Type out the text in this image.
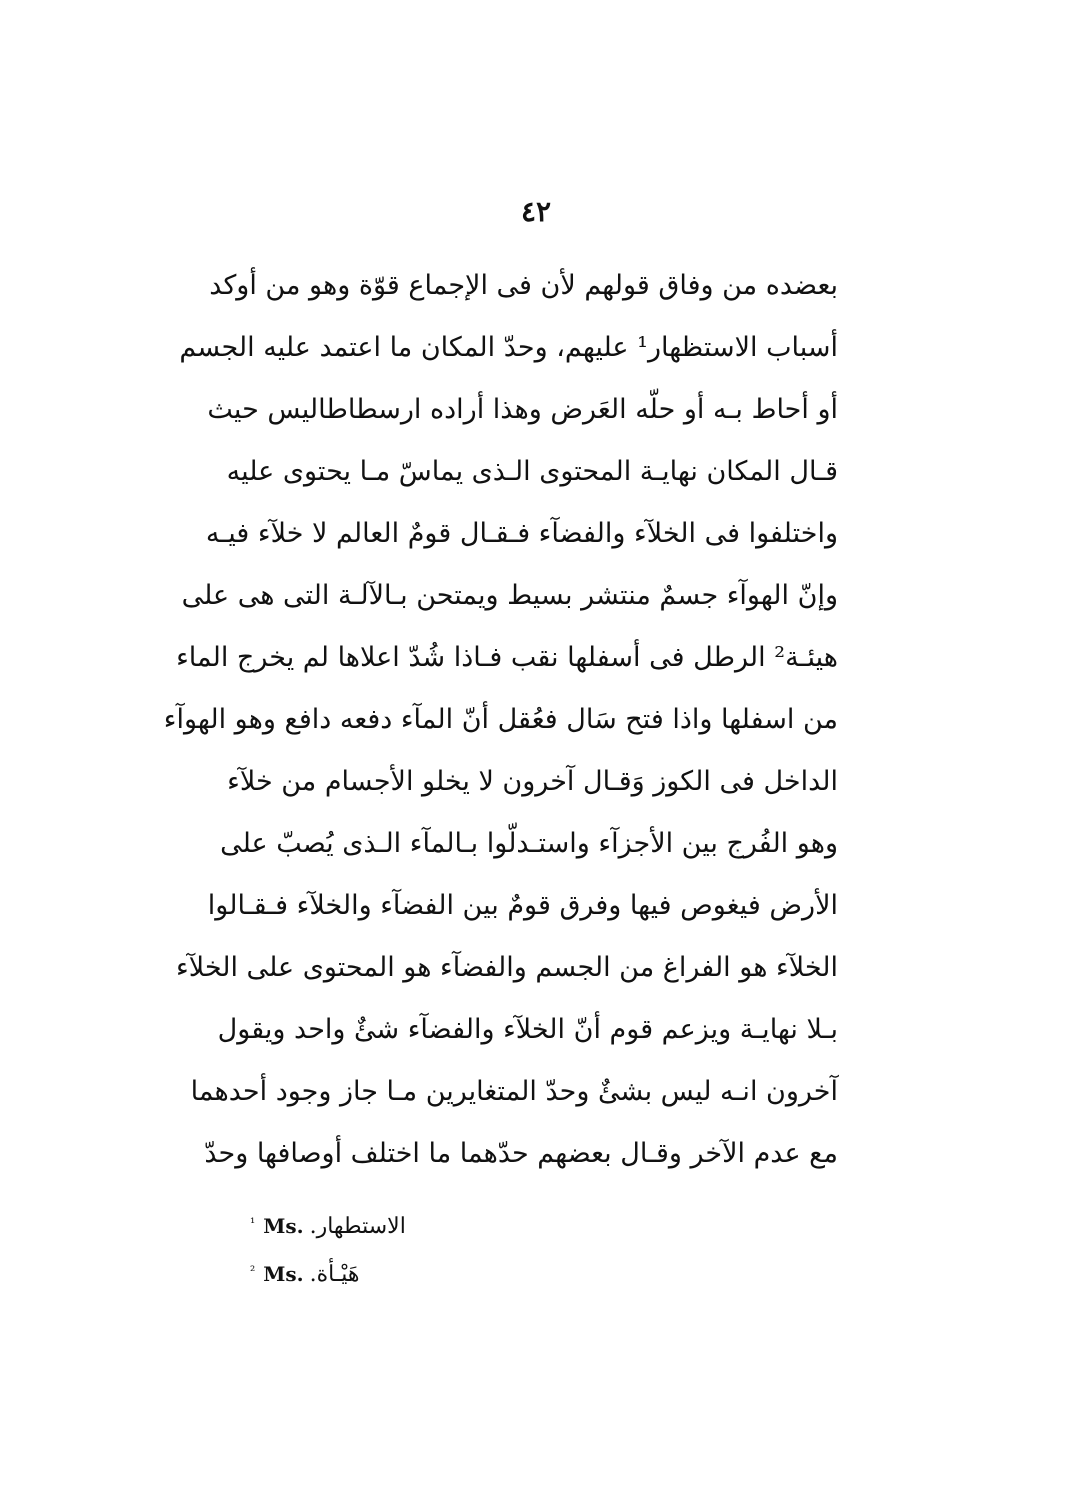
٤٢
بعضده من وفاق قولهم لأن فى الإجماع قوّة وهو من أوكد
أسباب الاستظهار¹ عليهم، وحدّ المكان ما اعتمد عليه الجسم
أو أحاط بـه أو حلّه العَرض وهذا أراده ارسطاطاليس حيث
قـال المكان نهايـة المحتوى الـذى يماسّ مـا يحتوى عليه
واختلفوا فى الخلآء والفضآء فـقـال قومٌ العالم لا خلآء فيـه
وإنّ الهوآء جسمٌ منتشر بسيط ويمتحن بـالآلـة التى هى على
هيئـة² الرطل فى أسفلها نقب فـاذا شُدّ اعلاها لم يخرج الماء
من اسفلها واذا فتح سَال فعُقل أنّ المآء دفعه دافع وهو الهوآء
الداخل فى الكوز وَقـال آخرون لا يخلو الأجسام من خلآء
وهو الفُرج بين الأجزآء واستـدلّوا بـالمآء الـذى يُصبّ على
الأرض فيغوص فيها وفرق قومٌ بين الفضآء والخلآء فـقـالوا
الخلآء هو الفراغ من الجسم والفضآء هو المحتوى على الخلآء
بـلا نهايـة ويزعم قوم أنّ الخلآء والفضآء شئٌ واحد ويقول
آخرون انـه ليس بشئٌ وحدّ المتغايرين مـا جاز وجود أحدهما
مع عدم الآخر وقـال بعضهم حدّهما ما اختلف أوصافها وحدّ
$^{^1}$ Ms. الاستطهار.
$^{^2}$ Ms. هَيْـأة.
